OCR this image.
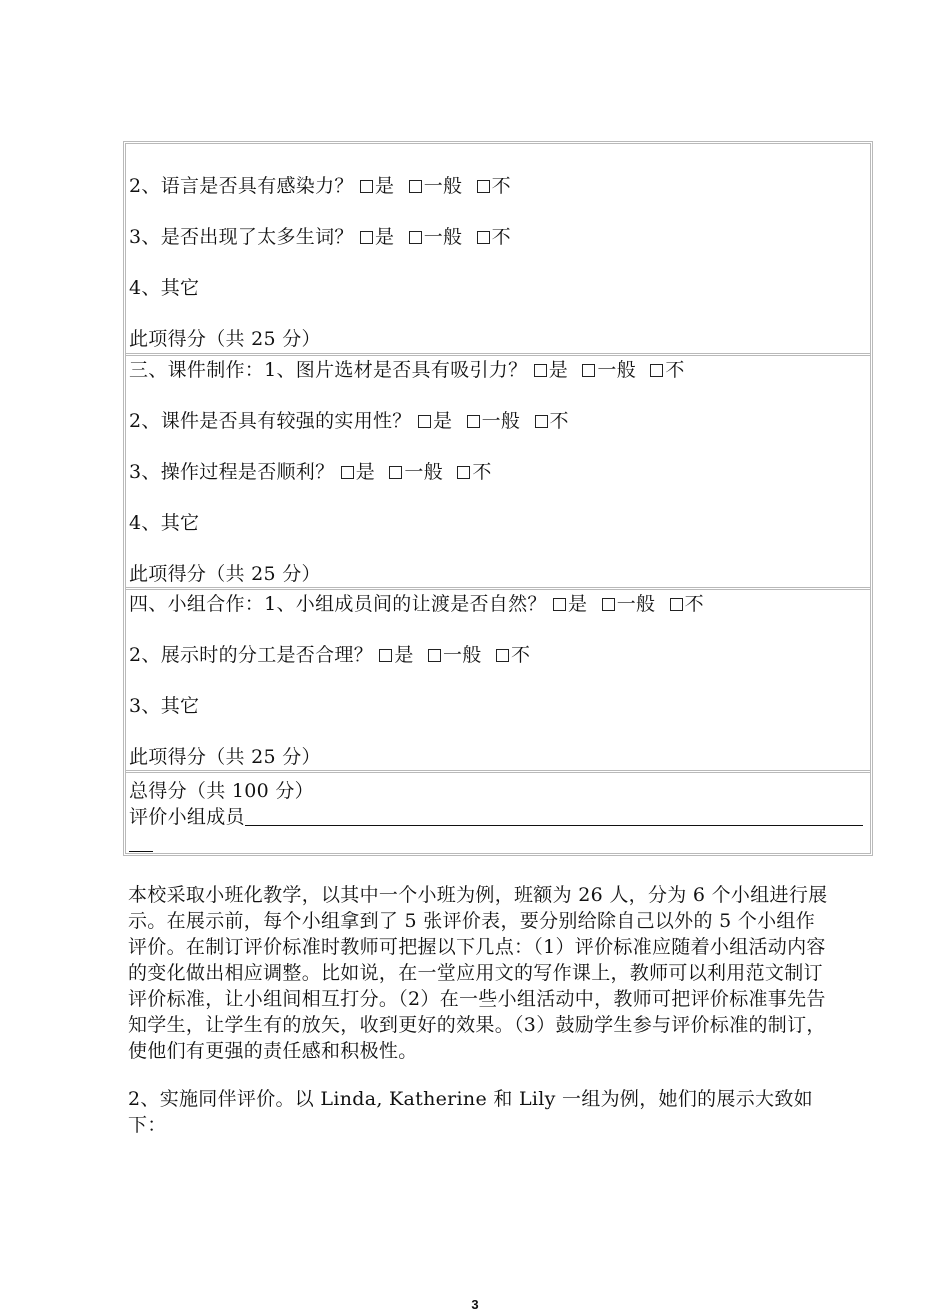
2、语言是否具有感染力？ 是 一般 不
3、是否出现了太多生词？ 是 一般 不
4、其它
此项得分（共 25 分）
三、课件制作：1、图片选材是否具有吸引力？ 是 一般 不
2、课件是否具有较强的实用性？ 是 一般 不
3、操作过程是否顺利？ 是 一般 不
4、其它
此项得分（共 25 分）
四、小组合作：1、小组成员间的让渡是否自然？ 是 一般 不
2、展示时的分工是否合理？ 是 一般 不
3、其它
此项得分（共 25 分）
总得分（共 100 分）
评价小组成员
本校采取小班化教学，以其中一个小班为例，班额为 26 人，分为 6 个小组进行展示。在展示前，每个小组拿到了 5 张评价表，要分别给除自己以外的 5 个小组作评价。在制订评价标准时教师可把握以下几点：（1）评价标准应随着小组活动内容的变化做出相应调整。比如说，在一堂应用文的写作课上，教师可以利用范文制订评价标准，让小组间相互打分。（2）在一些小组活动中，教师可把评价标准事先告知学生，让学生有的放矢，收到更好的效果。（3）鼓励学生参与评价标准的制订，使他们有更强的责任感和积极性。
2、实施同伴评价。以 Linda, Katherine 和 Lily 一组为例，她们的展示大致如下：
3
